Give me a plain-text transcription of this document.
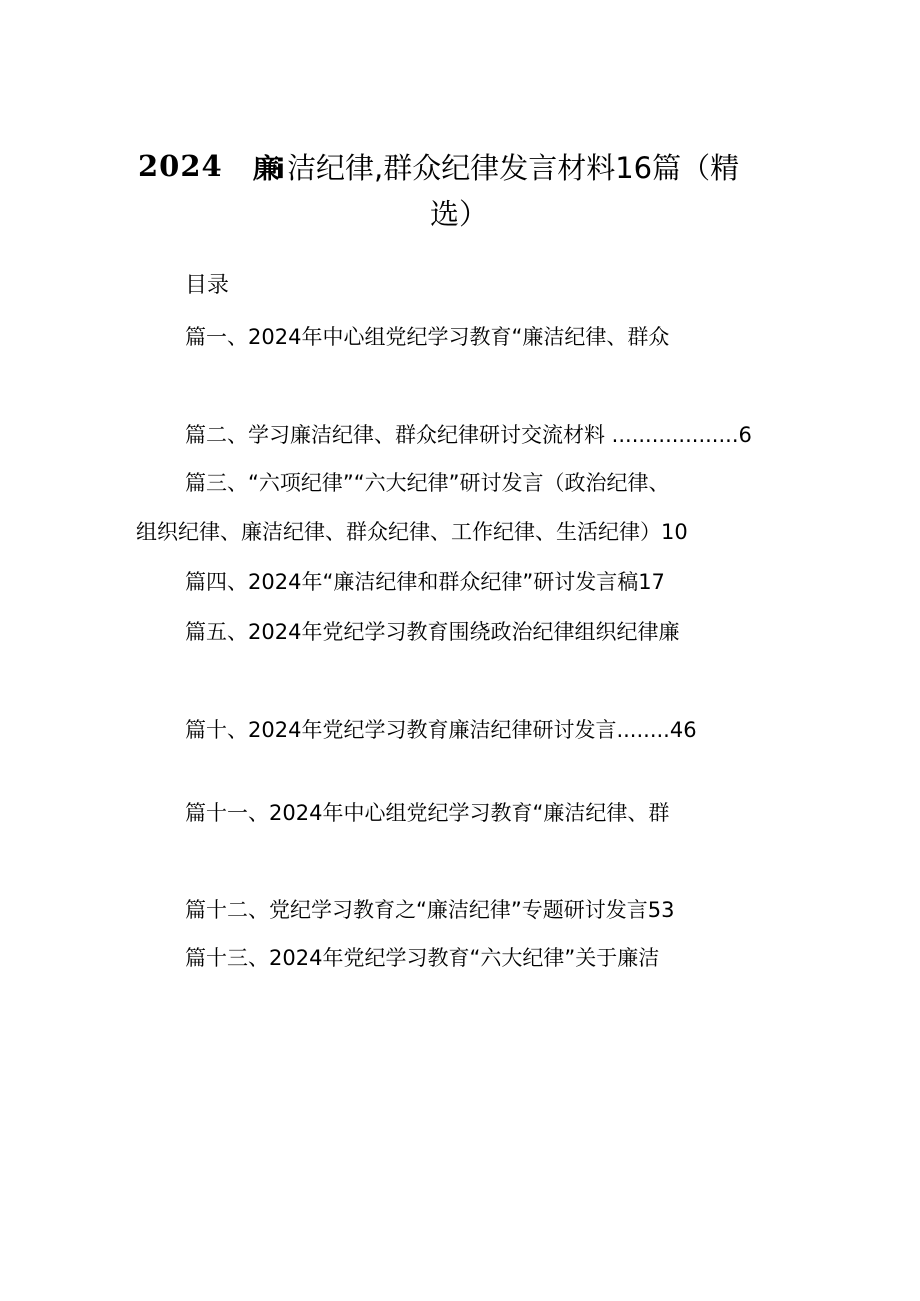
2024 廉i 洁纪律,群众纪律发言材料16篇（精
选）
目录
篇一、2024年中心组党纪学习教育“廉洁纪律、群众
篇二、学习廉洁纪律、群众纪律研讨交流材料 ...................6
篇三、“六项纪律”“六大纪律”研讨发言（政治纪律、
组织纪律、廉洁纪律、群众纪律、工作纪律、生活纪律）10
篇四、2024年“廉洁纪律和群众纪律”研讨发言稿17
篇五、2024年党纪学习教育围绕政治纪律组织纪律廉
篇十、2024年党纪学习教育廉洁纪律研讨发言........46
篇十一、2024年中心组党纪学习教育“廉洁纪律、群
篇十二、党纪学习教育之“廉洁纪律”专题研讨发言53
篇十三、2024年党纪学习教育“六大纪律”关于廉洁
